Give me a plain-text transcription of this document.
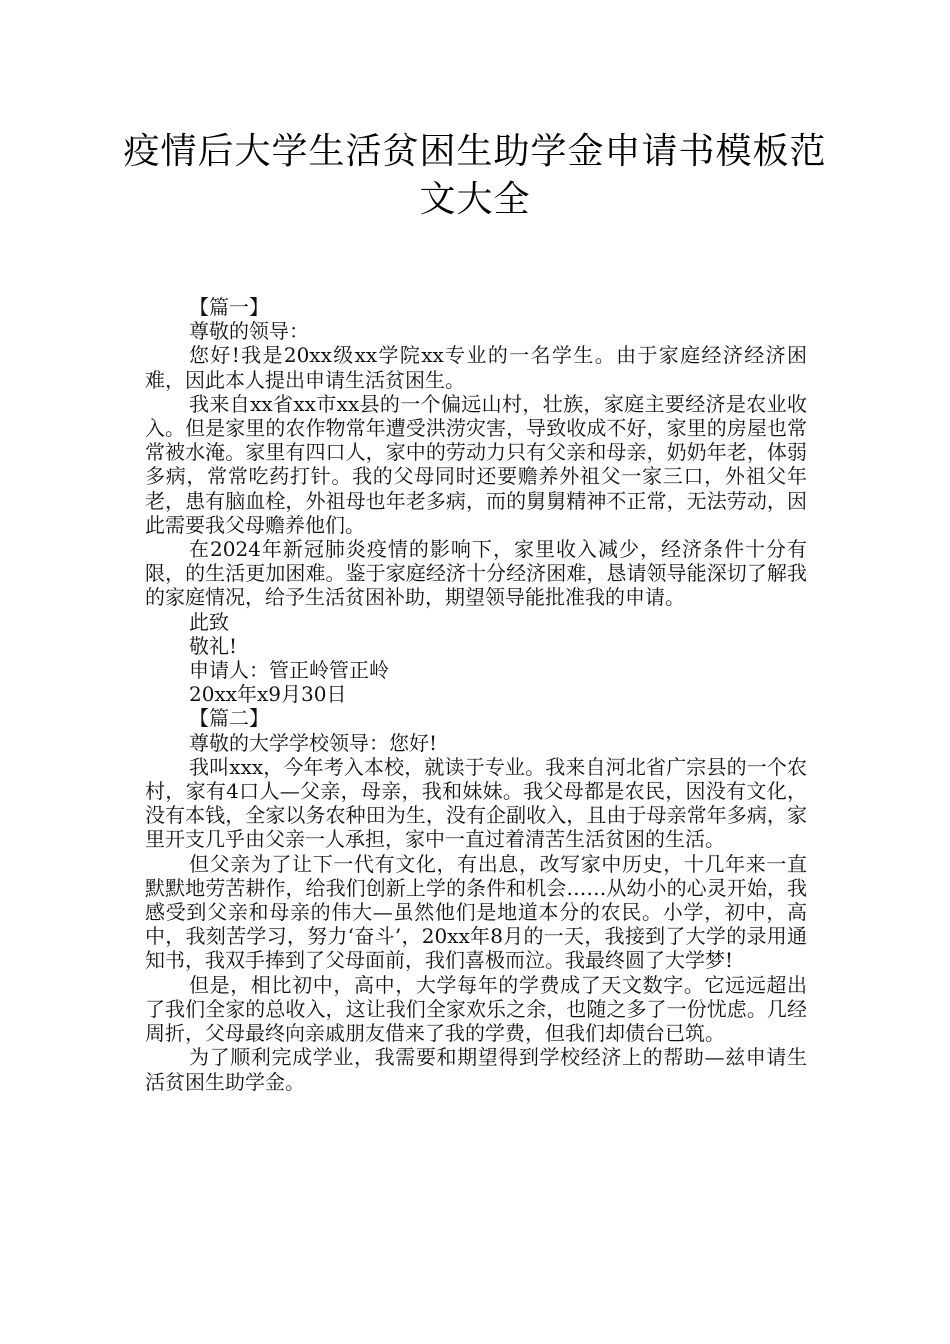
疫情后大学生活贫困生助学金申请书模板范文大全

【篇一】

尊敬的领导：

您好!我是20xx级xx学院xx专业的一名学生。由于家庭经济经济困难，因此本人提出申请生活贫困生。

我来自xx省xx市xx县的一个偏远山村，壮族，家庭主要经济是农业收入。但是家里的农作物常年遭受洪涝灾害，导致收成不好，家里的房屋也常常被水淹。家里有四口人，家中的劳动力只有父亲和母亲，奶奶年老，体弱多病，常常吃药打针。我的父母同时还要赡养外祖父一家三口，外祖父年老，患有脑血栓，外祖母也年老多病，而的舅舅精神不正常，无法劳动，因此需要我父母赡养他们。

在2024年新冠肺炎疫情的影响下，家里收入减少，经济条件十分有限，的生活更加困难。鉴于家庭经济十分经济困难，恳请领导能深切了解我的家庭情况，给予生活贫困补助，期望领导能批准我的申请。

此致

敬礼!

申请人：管正岭管正岭

20xx年x9月30日

【篇二】

尊敬的大学学校领导：您好!

我叫xxx，今年考入本校，就读于专业。我来自河北省广宗县的一个农村，家有4口人—父亲，母亲，我和妹妹。我父母都是农民，因没有文化，没有本钱，全家以务农种田为生，没有企副收入，且由于母亲常年多病，家里开支几乎由父亲一人承担，家中一直过着清苦生活贫困的生活。

但父亲为了让下一代有文化，有出息，改写家中历史，十几年来一直默默地劳苦耕作，给我们创新上学的条件和机会……从幼小的心灵开始，我感受到父亲和母亲的伟大—虽然他们是地道本分的农民。小学，初中，高中，我刻苦学习，努力‘奋斗’，20xx年8月的一天，我接到了大学的录用通知书，我双手捧到了父母面前，我们喜极而泣。我最终圆了大学梦!

但是，相比初中，高中，大学每年的学费成了天文数字。它远远超出了我们全家的总收入，这让我们全家欢乐之余，也随之多了一份忧虑。几经周折，父母最终向亲戚朋友借来了我的学费，但我们却债台已筑。

为了顺利完成学业，我需要和期望得到学校经济上的帮助—兹申请生活贫困生助学金。
